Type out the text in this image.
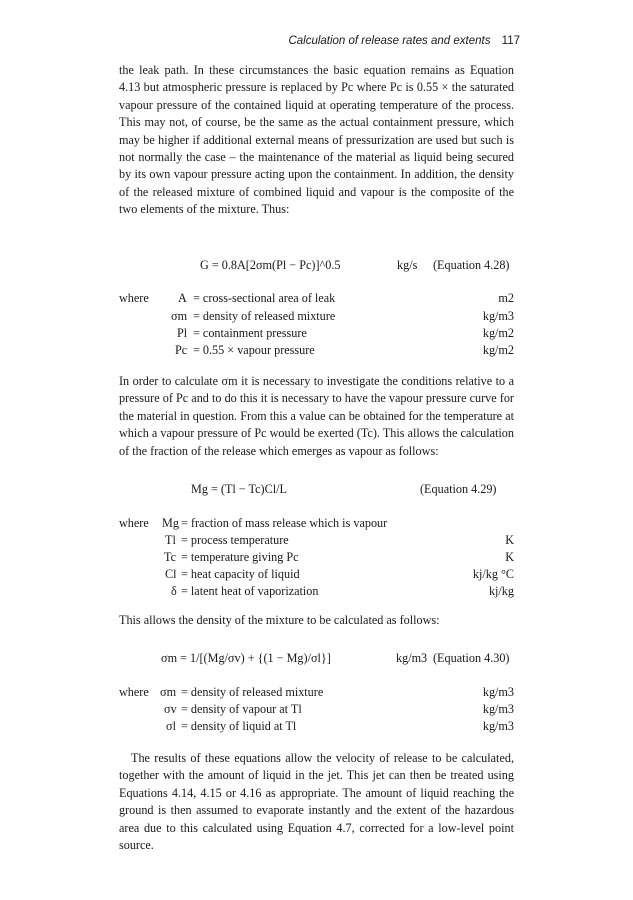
Calculation of release rates and extents 117

the leak path. In these circumstances the basic equation remains as Equation 4.13 but atmospheric pressure is replaced by Pc where Pc is 0.55 × the saturated vapour pressure of the contained liquid at operating temperature of the process. This may not, of course, be the same as the actual containment pressure, which may be higher if additional external means of pressurization are used but such is not normally the case – the maintenance of the material as liquid being secured by its own vapour pressure acting upon the containment. In addition, the density of the released mixture of combined liquid and vapour is the composite of the two elements of the mixture. Thus:

G = 0.8A[2σm(Pl − Pc)]^0.5	kg/s (Equation 4.28)
where A = cross-sectional area of leak	m2
σm = density of released mixture	kg/m3
Pl = containment pressure	kg/m2
Pc = 0.55 × vapour pressure	kg/m2

In order to calculate σm it is necessary to investigate the conditions relative to a pressure of Pc and to do this it is necessary to have the vapour pressure curve for the material in question. From this a value can be obtained for the temperature at which a vapour pressure of Pc would be exerted (Tc). This allows the calculation of the fraction of the release which emerges as vapour as follows:

Mg = (Tl − Tc)Cl/L	(Equation 4.29)
where Mg = fraction of mass release which is vapour
Tl = process temperature	K
Tc = temperature giving Pc	K
Cl = heat capacity of liquid	kj/kg °C
δ = latent heat of vaporization	kj/kg

This allows the density of the mixture to be calculated as follows:

σm = 1/[(Mg/σv) + {(1 − Mg)/σl}]	kg/m3 (Equation 4.30)
where σm = density of released mixture	kg/m3
σv = density of vapour at Tl	kg/m3
σl = density of liquid at Tl	kg/m3

The results of these equations allow the velocity of release to be calculated, together with the amount of liquid in the jet. This jet can then be treated using Equations 4.14, 4.15 or 4.16 as appropriate. The amount of liquid reaching the ground is then assumed to evaporate instantly and the extent of the hazardous area due to this calculated using Equation 4.7, corrected for a low-level point source.
